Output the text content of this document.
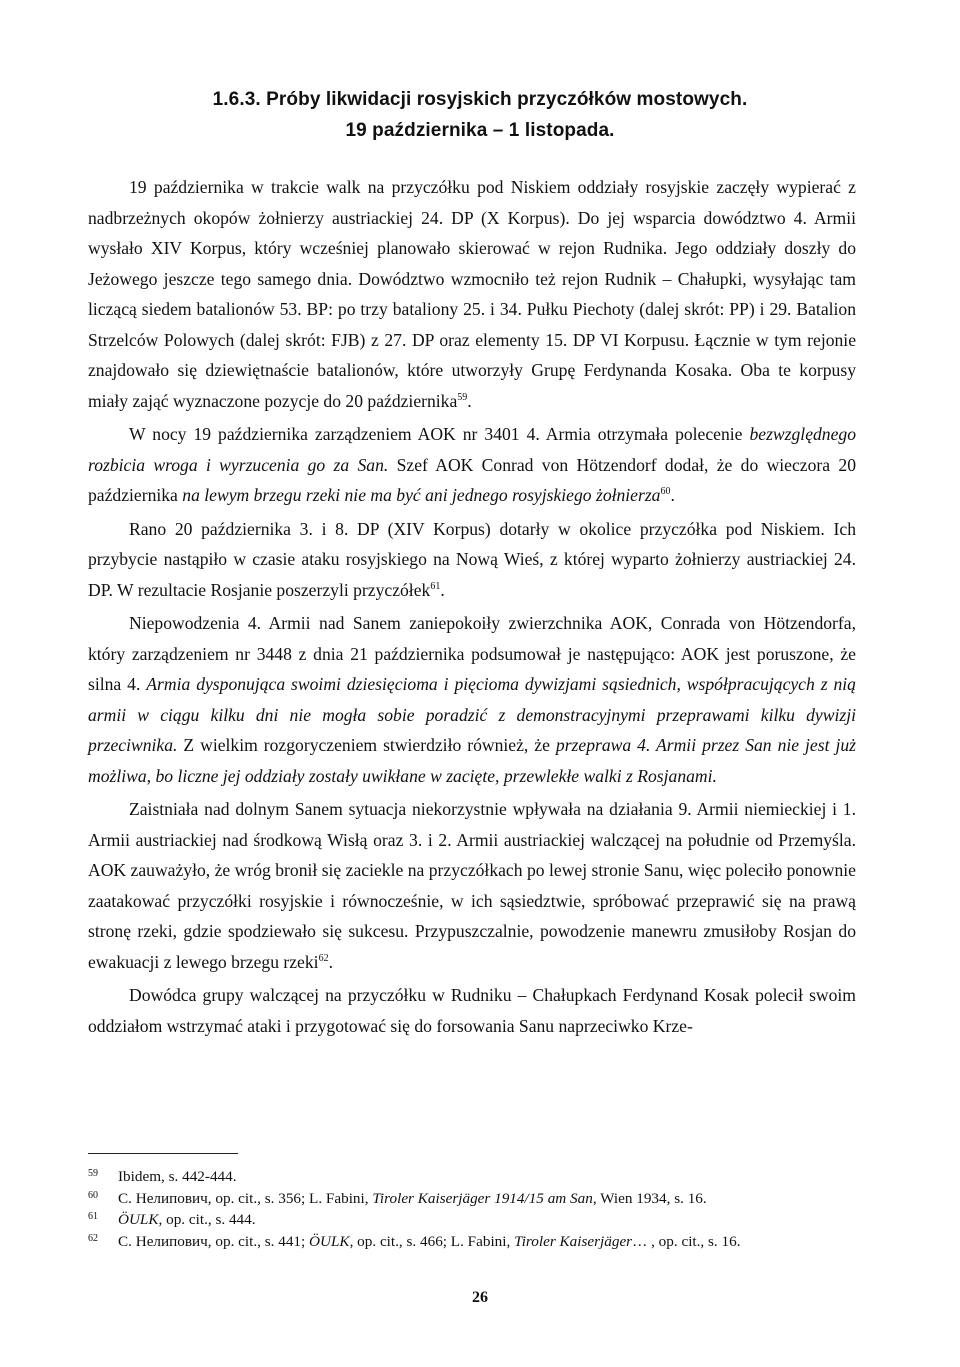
1.6.3. Próby likwidacji rosyjskich przyczółków mostowych.
19 października – 1 listopada.

19 października w trakcie walk na przyczółku pod Niskiem oddziały rosyjskie zaczęły wypierać z nadbrzeżnych okopów żołnierzy austriackiej 24. DP (X Korpus). Do jej wsparcia dowództwo 4. Armii wysłało XIV Korpus, który wcześniej planowało skierować w rejon Rudnika. Jego oddziały doszły do Jeżowego jeszcze tego samego dnia. Dowództwo wzmocniło też rejon Rudnik – Chałupki, wysyłając tam liczącą siedem batalionów 53. BP: po trzy bataliony 25. i 34. Pułku Piechoty (dalej skrót: PP) i 29. Batalion Strzelców Polowych (dalej skrót: FJB) z 27. DP oraz elementy 15. DP VI Korpusu. Łącznie w tym rejonie znajdowało się dziewiętnaście batalionów, które utworzyły Grupę Ferdynanda Kosaka. Oba te korpusy miały zająć wyznaczone pozycje do 20 października$^{59}$.

W nocy 19 października zarządzeniem AOK nr 3401 4. Armia otrzymała polecenie bezwzględnego rozbicia wroga i wyrzucenia go za San. Szef AOK Conrad von Hötzendorf dodał, że do wieczora 20 października na lewym brzegu rzeki nie ma być ani jednego rosyjskiego żołnierza$^{60}$.

Rano 20 października 3. i 8. DP (XIV Korpus) dotarły w okolice przyczółka pod Niskiem. Ich przybycie nastąpiło w czasie ataku rosyjskiego na Nową Wieś, z której wyparto żołnierzy austriackiej 24. DP. W rezultacie Rosjanie poszerzyli przyczółek$^{61}$.

Niepowodzenia 4. Armii nad Sanem zaniepokoiły zwierzchnika AOK, Conrada von Hötzendorfa, który zarządzeniem nr 3448 z dnia 21 października podsumował je następująco: AOK jest poruszone, że silna 4. Armia dysponująca swoimi dziesięcioma i pięcioma dywizjami sąsiednich, współpracujących z nią armii w ciągu kilku dni nie mogła sobie poradzić z demonstracyjnymi przeprawami kilku dywizji przeciwnika. Z wielkim rozgoryczeniem stwierdziło również, że przeprawa 4. Armii przez San nie jest już możliwa, bo liczne jej oddziały zostały uwikłane w zacięte, przewlekłe walki z Rosjanami.

Zaistniała nad dolnym Sanem sytuacja niekorzystnie wpływała na działania 9. Armii niemieckiej i 1. Armii austriackiej nad środkową Wisłą oraz 3. i 2. Armii austriackiej walczącej na południe od Przemyśla. AOK zauważyło, że wróg bronił się zaciekle na przyczółkach po lewej stronie Sanu, więc poleciło ponownie zaatakować przyczółki rosyjskie i równocześnie, w ich sąsiedztwie, spróbować przeprawić się na prawą stronę rzeki, gdzie spodziewało się sukcesu. Przypuszczalnie, powodzenie manewru zmusiłoby Rosjan do ewakuacji z lewego brzegu rzeki$^{62}$.

Dowódca grupy walczącej na przyczółku w Rudniku – Chałupkach Ferdynand Kosak polecił swoim oddziałom wstrzymać ataki i przygotować się do forsowania Sanu naprzeciwko Krze-

59 Ibidem, s. 442-444.
60 С. Нелипович, op. cit., s. 356; L. Fabini, Tiroler Kaiserjäger 1914/15 am San, Wien 1934, s. 16.
61 ÖULK, op. cit., s. 444.
62 С. Нелипович, op. cit., s. 441; ÖULK, op. cit., s. 466; L. Fabini, Tiroler Kaiserjäger… , op. cit., s. 16.
26
